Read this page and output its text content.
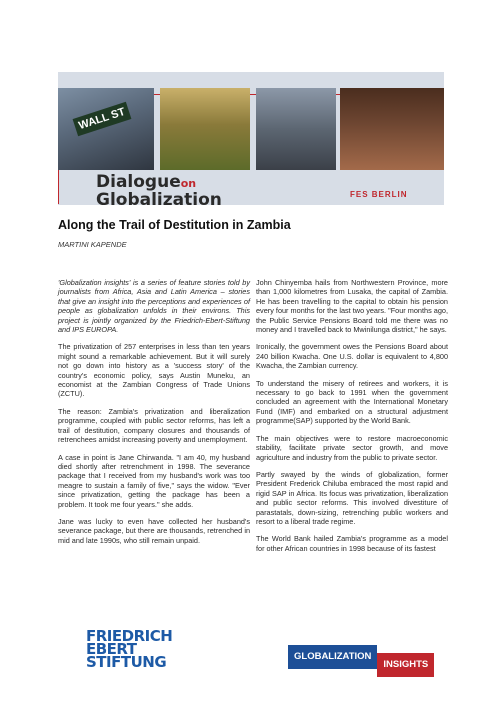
WALL ST
Dialogueon
Globalization	FES BERLIN
Along the Trail of Destitution in Zambia
MARTINI KAPENDE

'Globalization insights' is a series of feature stories told by journalists from Africa, Asia and Latin America – stories that give an insight into the perceptions and experiences of people as globalization unfolds in their environs. This project is jointly organized by the Friedrich-Ebert-Stiftung and IPS EUROPA.

The privatization of 257 enterprises in less than ten years might sound a remarkable achievement. But it will surely not go down into history as a 'success story' of the country's economic policy, says Austin Muneku, an economist at the Zambian Congress of Trade Unions (ZCTU).

The reason: Zambia's privatization and liberalization programme, coupled with public sector reforms, has left a trail of destitution, company closures and thousands of retrenchees amidst increasing poverty and unemployment.

A case in point is Jane Chirwanda. "I am 40, my husband died shortly after retrenchment in 1998. The severance package that I received from my husband's work was too meagre to sustain a family of five," says the widow. "Ever since privatization, getting the package has been a problem. It took me four years." she adds.

Jane was lucky to even have collected her husband's severance package, but there are thousands, retrenched in mid and late 1990s, who still remain unpaid.

John Chinyemba hails from Northwestern Province, more than 1,000 kilometres from Lusaka, the capital of Zambia. He has been travelling to the capital to obtain his pension every four months for the last two years. "Four months ago, the Public Service Pensions Board told me there was no money and I travelled back to Mwinilunga district," he says.

Ironically, the government owes the Pensions Board about 240 billion Kwacha. One U.S. dollar is equivalent to 4,800 Kwacha, the Zambian currency.

To understand the misery of retirees and workers, it is necessary to go back to 1991 when the government concluded an agreement with the International Monetary Fund (IMF) and embarked on a structural adjustment programme(SAP) supported by the World Bank.

The main objectives were to restore macroeconomic stability, facilitate private sector growth, and move agriculture and industry from the public to private sector.

Partly swayed by the winds of globalization, former President Frederick Chiluba embraced the most rapid and rigid SAP in Africa. Its focus was privatization, liberalization and public sector reforms. This involved divestiture of parastatals, down-sizing, retrenching public workers and resort to a liberal trade regime.

The World Bank hailed Zambia's programme as a model for other African countries in 1998 because of its fastest

FRIEDRICH
EBERT
STIFTUNG	GLOBALIZATION
INSIGHTS
